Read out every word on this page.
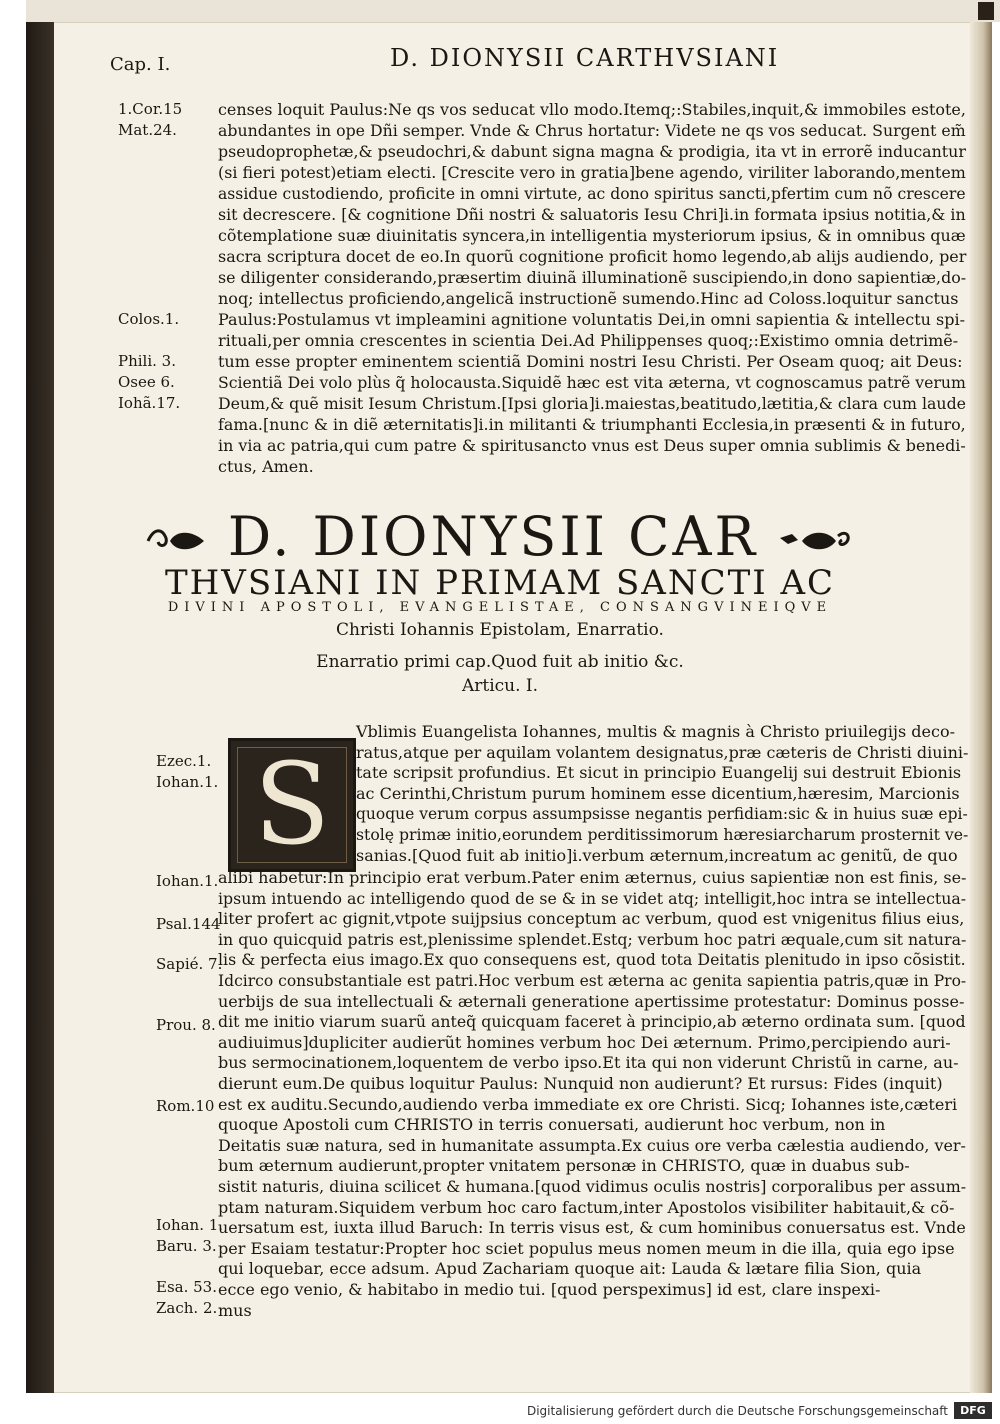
Cap. I.	D. DIONYSII CARTHVSIANI
censes loquit Paulus:Ne qs vos seducat vllo modo.Itemq;:Stabiles,inquit,& immobiles estote,
abundantes in ope Dñi semper. Vnde & Chrus hortatur: Videte ne qs vos seducat. Surgent em̃
pseudoprophetæ,& pseudochri,& dabunt signa magna & prodigia, ita vt in errorẽ inducantur
(si fieri potest)etiam electi. [Crescite vero in gratia]bene agendo, viriliter laborando,mentem
assidue custodiendo, proficite in omni virtute, ac dono spiritus sancti,pfertim cum nõ crescere
sit decrescere. [& cognitione Dñi nostri & saluatoris Iesu Chri]i.in formata ipsius notitia,& in
cõtemplatione suæ diuinitatis syncera,in intelligentia mysteriorum ipsius, & in omnibus quæ
sacra scriptura docet de eo.In quorũ cognitione proficit homo legendo,ab alijs audiendo, per
se diligenter considerando,præsertim diuinã illuminationẽ suscipiendo,in dono sapientiæ,do-
noq; intellectus proficiendo,angelicã instructionẽ sumendo.Hinc ad Coloss.loquitur sanctus
Paulus:Postulamus vt impleamini agnitione voluntatis Dei,in omni sapientia & intellectu spi-
rituali,per omnia crescentes in scientia Dei.Ad Philippenses quoq;:Existimo omnia detrimẽ-
tum esse propter eminentem scientiã Domini nostri Iesu Christi. Per Oseam quoq; ait Deus:
Scientiã Dei volo plùs q̃ holocausta.Siquidẽ hæc est vita æterna, vt cognoscamus patrẽ verum
Deum,& quẽ misit Iesum Christum.[Ipsi gloria]i.maiestas,beatitudo,lætitia,& clara cum laude
fama.[nunc & in diẽ æternitatis]i.in militanti & triumphanti Ecclesia,in præsenti & in futuro,
in via ac patria,qui cum patre & spiritusancto vnus est Deus super omnia sublimis & benedi-
ctus, Amen.
1.Cor.15
Mat.24.
Colos.1.
Phili. 3.
Osee 6.
Iohã.17.
D. DIONYSII CAR
THVSIANI IN PRIMAM SANCTI AC
DIVINI APOSTOLI, EVANGELISTAE, CONSANGVINEIQVE
Christi Iohannis Epistolam, Enarratio.
Enarratio primi cap.Quod fuit ab initio &c.
Articu. I.
S
Vblimis Euangelista Iohannes, multis & magnis à Christo priuilegijs deco-
ratus,atque per aquilam volantem designatus,præ cæteris de Christi diuini-
tate scripsit profundius. Et sicut in principio Euangelij sui destruit Ebionis
ac Cerinthi,Christum purum hominem esse dicentium,hæresim, Marcionis
quoque verum corpus assumpsisse negantis perfidiam:sic & in huius suæ epi-
stolę primæ initio,eorundem perditissimorum hæresiarcharum prosternit ve-
sanias.[Quod fuit ab initio]i.verbum æternum,increatum ac genitũ, de quo
alibi habetur:In principio erat verbum.Pater enim æternus, cuius sapientiæ non est finis, se-
ipsum intuendo ac intelligendo quod de se & in se videt atq; intelligit,hoc intra se intellectua-
liter profert ac gignit,vtpote suijpsius conceptum ac verbum, quod est vnigenitus filius eius,
in quo quicquid patris est,plenissime splendet.Estq; verbum hoc patri æquale,cum sit natura-
lis & perfecta eius imago.Ex quo consequens est, quod tota Deitatis plenitudo in ipso cõsistit.
Idcirco consubstantiale est patri.Hoc verbum est æterna ac genita sapientia patris,quæ in Pro-
uerbijs de sua intellectuali & æternali generatione apertissime protestatur: Dominus posse-
dit me initio viarum suarũ anteq̃ quicquam faceret à principio,ab æterno ordinata sum. [quod
audiuimus]dupliciter audierũt homines verbum hoc Dei æternum. Primo,percipiendo auri-
bus sermocinationem,loquentem de verbo ipso.Et ita qui non viderunt Christũ in carne, au-
dierunt eum.De quibus loquitur Paulus: Nunquid non audierunt? Et rursus: Fides (inquit)
est ex auditu.Secundo,audiendo verba immediate ex ore Christi. Sicq; Iohannes iste,cæteri
quoque Apostoli cum CHRISTO in terris conuersati, audierunt hoc verbum, non in
Deitatis suæ natura, sed in humanitate assumpta.Ex cuius ore verba cælestia audiendo, ver-
bum æternum audierunt,propter vnitatem personæ in CHRISTO, quæ in duabus sub-
sistit naturis, diuina scilicet & humana.[quod vidimus oculis nostris] corporalibus per assum-
ptam naturam.Siquidem verbum hoc caro factum,inter Apostolos visibiliter habitauit,& cõ-
uersatum est, iuxta illud Baruch: In terris visus est, & cum hominibus conuersatus est. Vnde
per Esaiam testatur:Propter hoc sciet populus meus nomen meum in die illa, quia ego ipse
qui loquebar, ecce adsum. Apud Zachariam quoque ait: Lauda & lætare filia Sion, quia
ecce ego venio, & habitabo in medio tui. [quod perspeximus] id est, clare inspexi-
mus
Ezec.1.
Iohan.1.
Iohan.1.
Psal.144
Sapié. 7.
Prou. 8.
Rom.10
Iohan. 1.
Baru. 3.
Esa. 53.
Zach. 2.
Digitalisierung gefördert durch die Deutsche Forschungsgemeinschaft	DFG
